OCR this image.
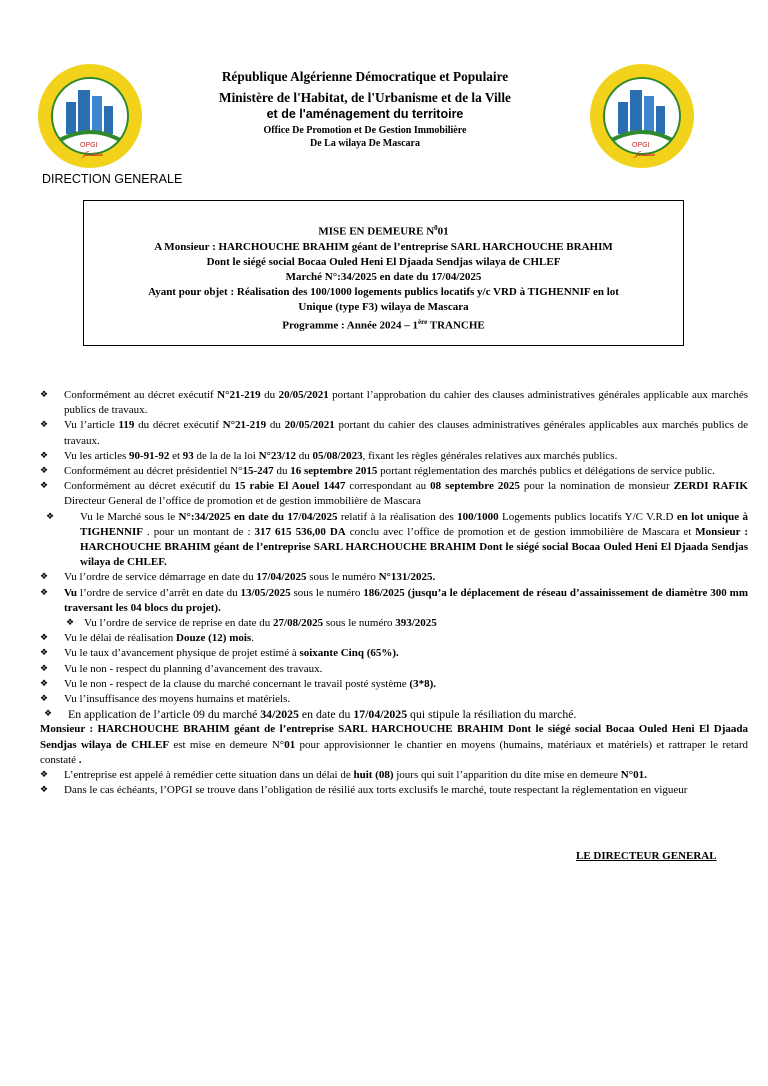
OPGI
معسكر
OPGI
معسكر
République Algérienne Démocratique et Populaire
Ministère de l'Habitat, de l'Urbanisme et de la Ville
et de l'aménagement du territoire
Office De Promotion et De Gestion Immobilière
De La wilaya De Mascara
DIRECTION GENERALE
MISE EN DEMEURE $N^001$
A Monsieur : HARCHOUCHE BRAHIM géant de l’entreprise SARL HARCHOUCHE BRAHIM
Dont le siégé social Bocaa Ouled Heni El Djaada Sendjas wilaya de CHLEF
Marché N°:34/2025 en date du 17/04/2025
Ayant pour objet : Réalisation des 100/1000 logements publics locatifs y/c VRD à TIGHENNIF en lot
Unique (type F3) wilaya de Mascara
Programme : Année 2024 – 1ère TRANCHE
❖ Conformément au décret exécutif N°21-219 du 20/05/2021 portant l’approbation du cahier des clauses administratives générales applicable aux marchés publics de travaux.
❖ Vu l’article 119 du décret exécutif N°21-219 du 20/05/2021 portant du cahier des clauses administratives générales applicables aux marchés publics de travaux.
❖ Vu les articles 90-91-92 et 93 de la de la loi N°23/12 du 05/08/2023, fixant les règles générales relatives aux marchés publics.
❖ Conformément au décret présidentiel N°15-247 du 16 septembre 2015 portant réglementation des marchés publics et délégations de service public.
❖ Conformément au décret exécutif du 15 rabie El Aouel 1447 correspondant au 08 septembre 2025 pour la nomination de monsieur ZERDI RAFIK Directeur General de l’office de promotion et de gestion immobilière de Mascara
❖ Vu le Marché sous le N°:34/2025 en date du 17/04/2025 relatif à la réalisation des 100/1000 Logements publics locatifs Y/C V.R.D en lot unique à TIGHENNIF . pour un montant de : 317 615 536,00 DA conclu avec l’office de promotion et de gestion immobilière de Mascara et Monsieur : HARCHOUCHE BRAHIM géant de l’entreprise SARL HARCHOUCHE BRAHIM Dont le siégé social Bocaa Ouled Heni El Djaada Sendjas wilaya de CHLEF.
❖ Vu l’ordre de service démarrage en date du 17/04/2025 sous le numéro N°131/2025.
❖ Vu l’ordre de service d’arrêt en date du 13/05/2025 sous le numéro 186/2025 (jusqu’a le déplacement de réseau d’assainissement de diamètre 300 mm traversant les 04 blocs du projet).
❖ Vu l’ordre de service de reprise en date du 27/08/2025 sous le numéro 393/2025
❖ Vu le délai de réalisation Douze (12) mois.
❖ Vu le taux d’avancement physique de projet estimé à soixante Cinq (65%).
❖ Vu le non - respect du planning d’avancement des travaux.
❖ Vu le non - respect de la clause du marché concernant le travail posté système (3*8).
❖ Vu l’insuffisance des moyens humains et matériels.
❖ En application de l’article 09 du marché 34/2025 en date du 17/04/2025 qui stipule la résiliation du marché.
Monsieur : HARCHOUCHE BRAHIM géant de l’entreprise SARL HARCHOUCHE BRAHIM Dont le siégé social Bocaa Ouled Heni El Djaada Sendjas wilaya de CHLEF est mise en demeure N°01 pour approvisionner le chantier en moyens (humains, matériaux et matériels) et rattraper le retard constaté .
❖ L’entreprise est appelé à remédier cette situation dans un délai de huit (08) jours qui suit l’apparition du dite mise en demeure N°01.
❖ Dans le cas échéants, l’OPGI se trouve dans l’obligation de résilié aux torts exclusifs le marché, toute respectant la réglementation en vigueur
LE DIRECTEUR GENERAL
